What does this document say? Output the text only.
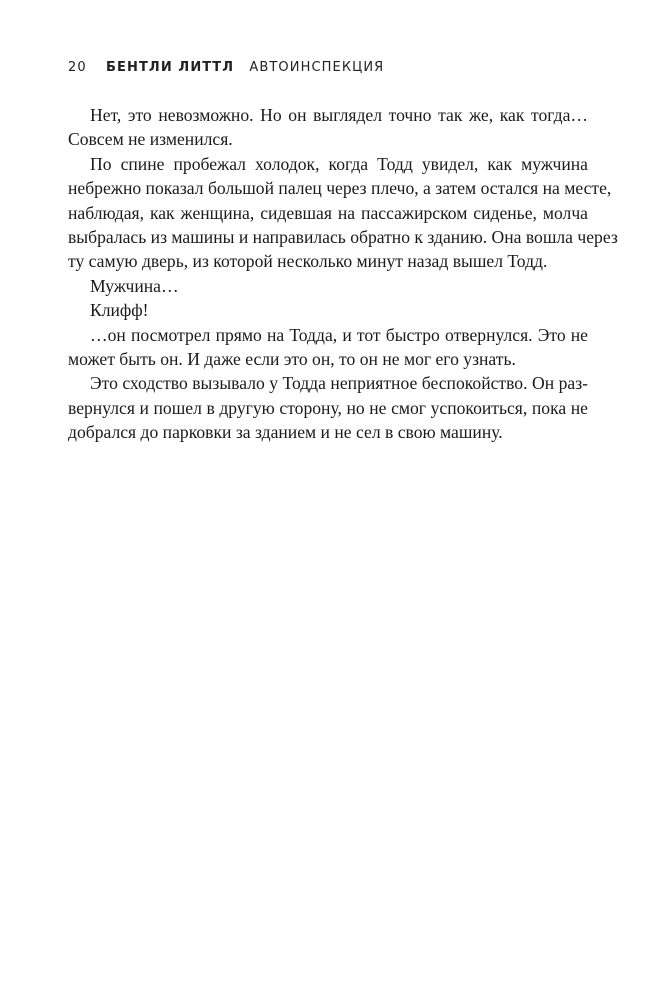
20 БЕНТЛИ ЛИТТЛ АВТОИНСПЕКЦИЯ
Нет, это невозможно. Но он выглядел точно так же, как тогда…
Совсем не изменился.
По спине пробежал холодок, когда Тодд увидел, как мужчина
небрежно показал большой палец через плечо, а затем остался на месте,
наблюдая, как женщина, сидевшая на пассажирском сиденье, молча
выбралась из машины и направилась обратно к зданию. Она вошла через
ту самую дверь, из которой несколько минут назад вышел Тодд.
Мужчина…
Клифф!
…он посмотрел прямо на Тодда, и тот быстро отвернулся. Это не
может быть он. И даже если это он, то он не мог его узнать.
Это сходство вызывало у Тодда неприятное беспокойство. Он раз-
вернулся и пошел в другую сторону, но не смог успокоиться, пока не
добрался до парковки за зданием и не сел в свою машину.
